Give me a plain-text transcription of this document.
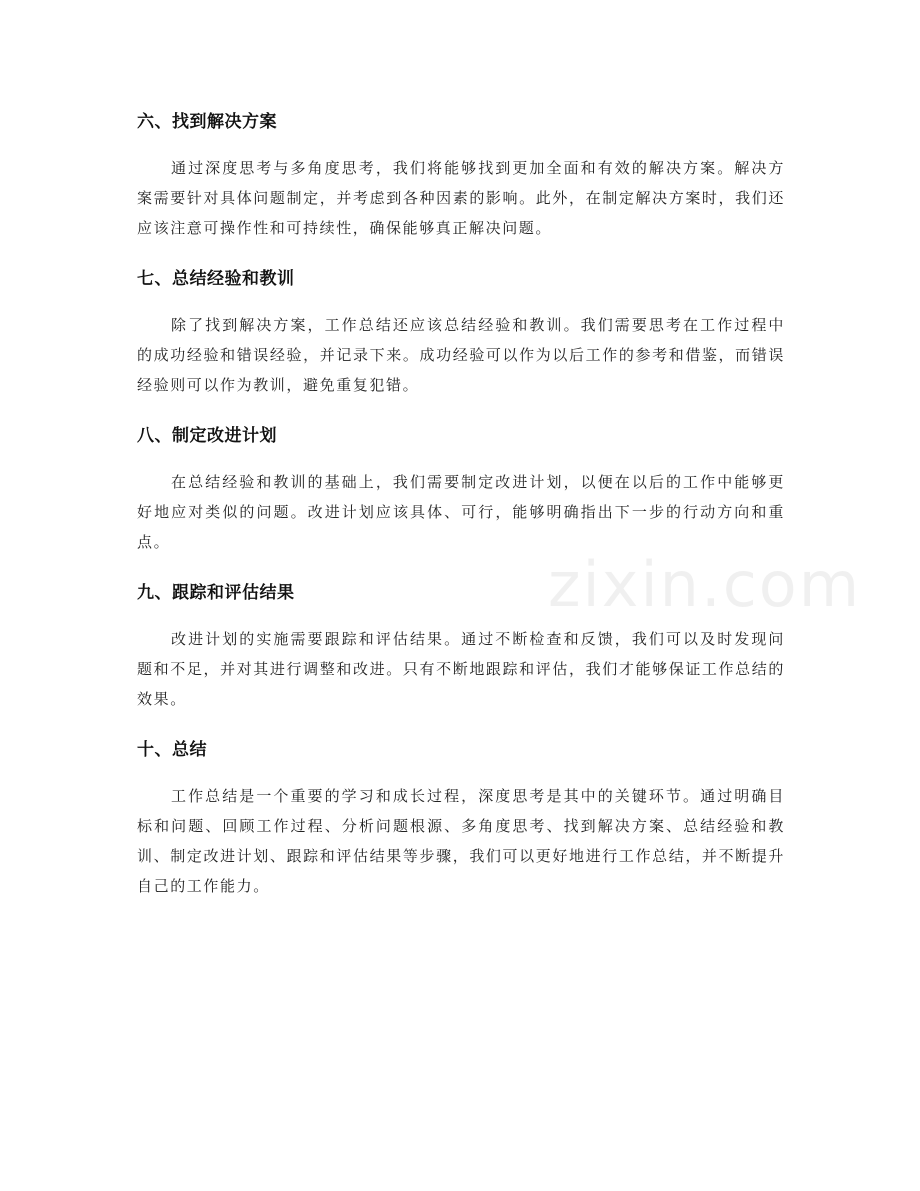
zixin.com
六、找到解决方案

通过深度思考与多角度思考，我们将能够找到更加全面和有效的解决方案。解决方案需要针对具体问题制定，并考虑到各种因素的影响。此外，在制定解决方案时，我们还应该注意可操作性和可持续性，确保能够真正解决问题。

七、总结经验和教训

除了找到解决方案，工作总结还应该总结经验和教训。我们需要思考在工作过程中的成功经验和错误经验，并记录下来。成功经验可以作为以后工作的参考和借鉴，而错误经验则可以作为教训，避免重复犯错。

八、制定改进计划

在总结经验和教训的基础上，我们需要制定改进计划，以便在以后的工作中能够更好地应对类似的问题。改进计划应该具体、可行，能够明确指出下一步的行动方向和重点。

九、跟踪和评估结果

改进计划的实施需要跟踪和评估结果。通过不断检查和反馈，我们可以及时发现问题和不足，并对其进行调整和改进。只有不断地跟踪和评估，我们才能够保证工作总结的效果。

十、总结

工作总结是一个重要的学习和成长过程，深度思考是其中的关键环节。通过明确目标和问题、回顾工作过程、分析问题根源、多角度思考、找到解决方案、总结经验和教训、制定改进计划、跟踪和评估结果等步骤，我们可以更好地进行工作总结，并不断提升自己的工作能力。
